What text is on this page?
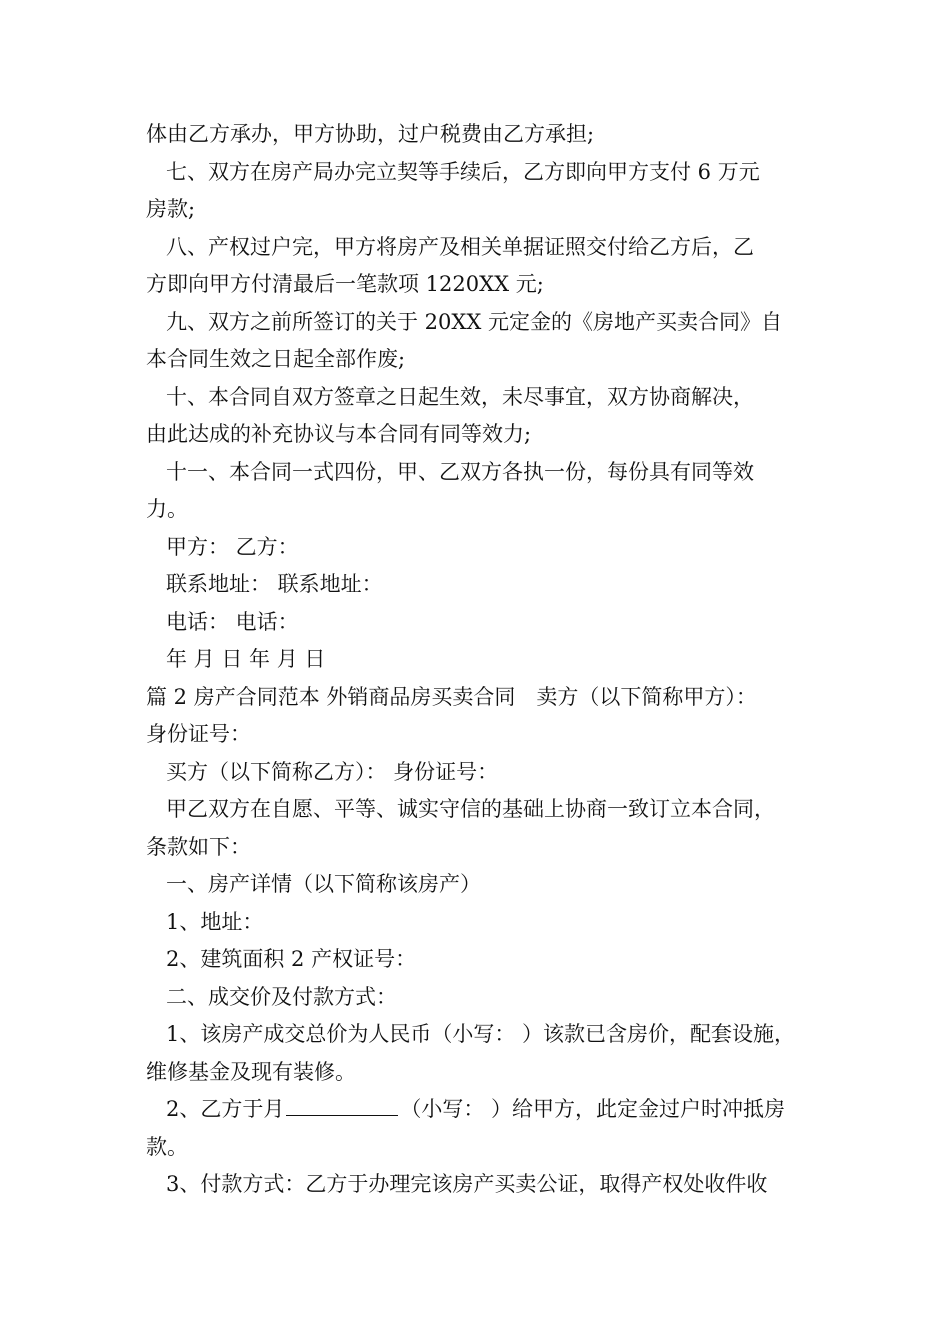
体由乙方承办，甲方协助，过户税费由乙方承担;
七、双方在房产局办完立契等手续后，乙方即向甲方支付 6 万元
房款;
八、产权过户完，甲方将房产及相关单据证照交付给乙方后，乙
方即向甲方付清最后一笔款项 1220XX 元;
九、双方之前所签订的关于 20XX 元定金的《房地产买卖合同》自
本合同生效之日起全部作废;
十、本合同自双方签章之日起生效，未尽事宜，双方协商解决，
由此达成的补充协议与本合同有同等效力;
十一、本合同一式四份，甲、乙双方各执一份，每份具有同等效
力。
甲方： 乙方：
联系地址： 联系地址：
电话： 电话：
年 月 日 年 月 日
篇 2 房产合同范本 外销商品房买卖合同　卖方（以下简称甲方）：
身份证号：
买方（以下简称乙方）： 身份证号：
甲乙双方在自愿、平等、诚实守信的基础上协商一致订立本合同，
条款如下：
一、房产详情（以下简称该房产）
1、地址：
2、建筑面积 2 产权证号：
二、成交价及付款方式：
1、该房产成交总价为人民币（小写： ）该款已含房价，配套设施，
维修基金及现有装修。
2、乙方于月	（小写： ）给甲方，此定金过户时冲抵房
款。
3、付款方式：乙方于办理完该房产买卖公证，取得产权处收件收
